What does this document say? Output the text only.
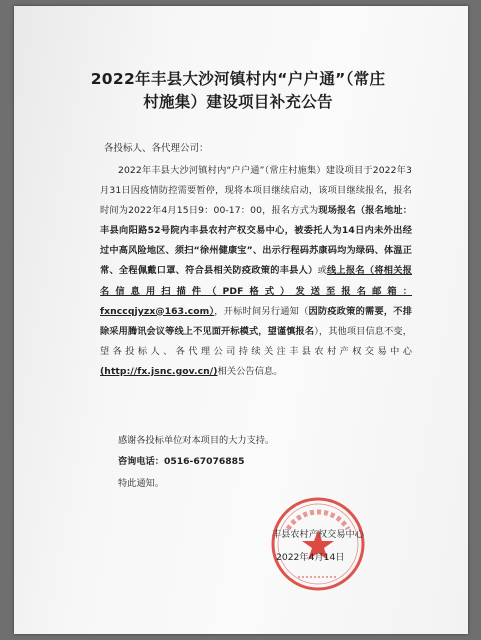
2022年丰县大沙河镇村内“户户通”（常庄
村施集）建设项目补充公告
各投标人、各代理公司：
2022年丰县大沙河镇村内“户户通”（常庄村施集）建设项目于2022年3月31日因疫情防控需要暂停，现将本项目继续启动，该项目继续报名，报名时间为2022年4月15日9：00-17：00，报名方式为现场报名（报名地址：丰县向阳路52号院内丰县农村产权交易中心，被委托人为14日内未外出经过中高风险地区、须扫“徐州健康宝”、出示行程码苏康码均为绿码、体温正常、全程佩戴口罩、符合县相关防疫政策的丰县人）或线上报名（将相关报名信息用扫描件（PDF格式）发送至报名邮箱：fxnccqjyzx@163.com），开标时间另行通知（因防疫政策的需要，不排除采用腾讯会议等线上不见面开标模式，望谨慎报名），其他项目信息不变，望各投标人、各代理公司持续关注丰县农村产权交易中心(http://fx.jsnc.gov.cn/)相关公告信息。
感谢各投标单位对本项目的大力支持。
咨询电话：0516-67076885
特此通知。
丰县农村产权交易中心
2022年4月14日
